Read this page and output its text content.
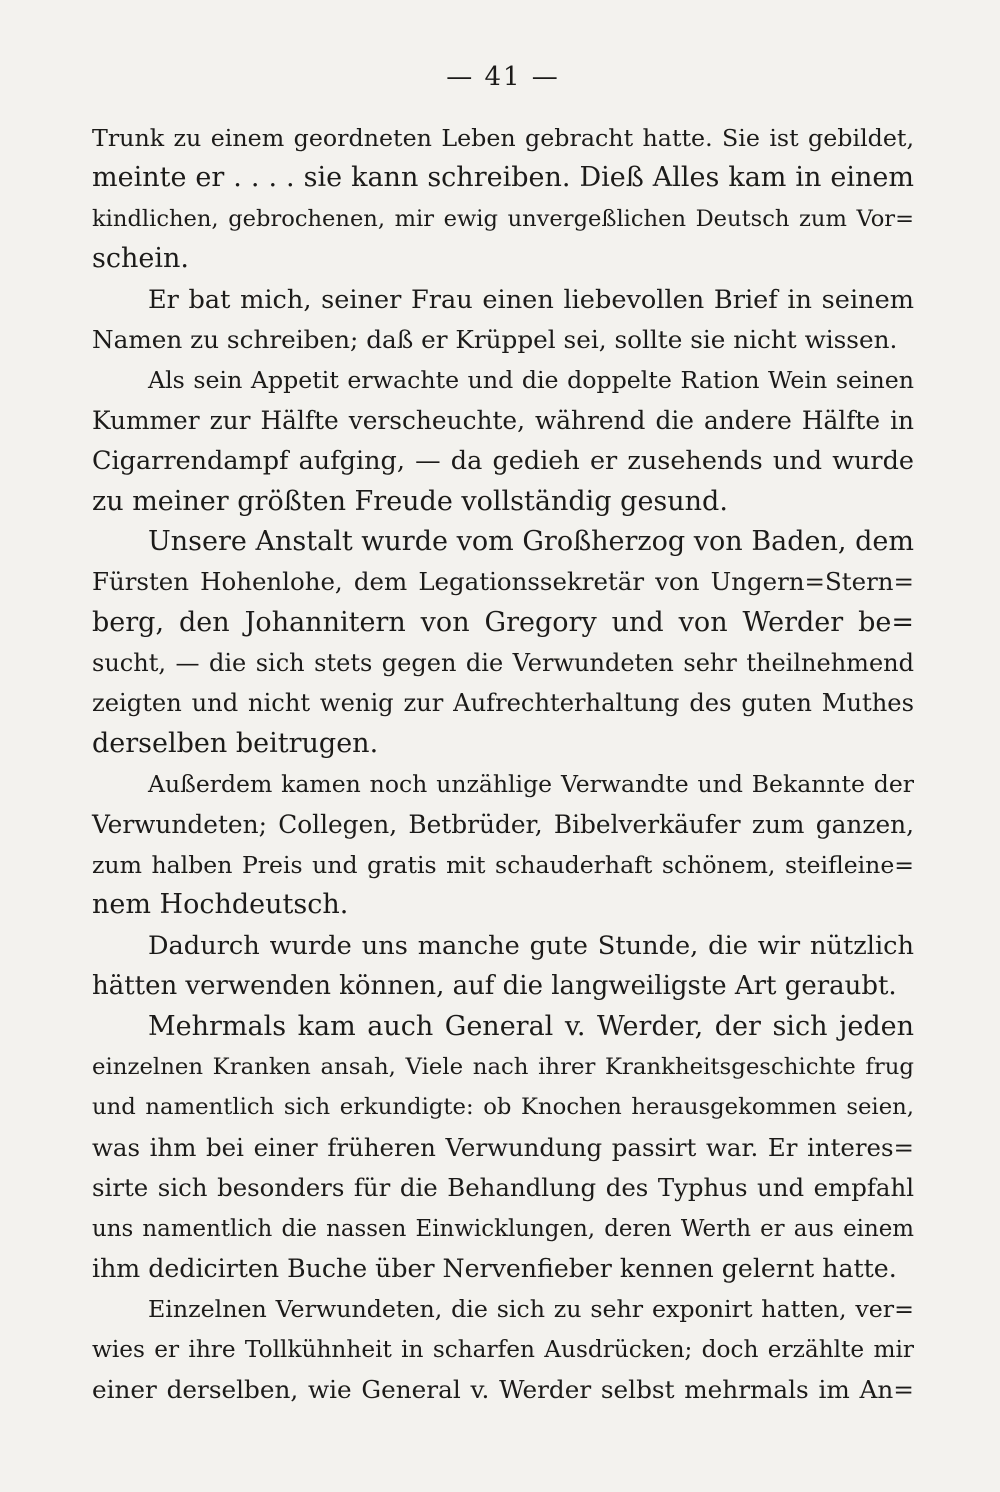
— 41 —
Trunk zu einem geordneten Leben gebracht hatte. Sie ist gebildet,
meinte er . . . . sie kann schreiben. Dieß Alles kam in einem
kindlichen, gebrochenen, mir ewig unvergeßlichen Deutsch zum Vor=
schein.
Er bat mich, seiner Frau einen liebevollen Brief in seinem
Namen zu schreiben; daß er Krüppel sei, sollte sie nicht wissen.
Als sein Appetit erwachte und die doppelte Ration Wein seinen
Kummer zur Hälfte verscheuchte, während die andere Hälfte in
Cigarrendampf aufging, — da gedieh er zusehends und wurde
zu meiner größten Freude vollständig gesund.
Unsere Anstalt wurde vom Großherzog von Baden, dem
Fürsten Hohenlohe, dem Legationssekretär von Ungern=Stern=
berg, den Johannitern von Gregory und von Werder be=
sucht, — die sich stets gegen die Verwundeten sehr theilnehmend
zeigten und nicht wenig zur Aufrechterhaltung des guten Muthes
derselben beitrugen.
Außerdem kamen noch unzählige Verwandte und Bekannte der
Verwundeten; Collegen, Betbrüder, Bibelverkäufer zum ganzen,
zum halben Preis und gratis mit schauderhaft schönem, steifleine=
nem Hochdeutsch.
Dadurch wurde uns manche gute Stunde, die wir nützlich
hätten verwenden können, auf die langweiligste Art geraubt.
Mehrmals kam auch General v. Werder, der sich jeden
einzelnen Kranken ansah, Viele nach ihrer Krankheitsgeschichte frug
und namentlich sich erkundigte: ob Knochen herausgekommen seien,
was ihm bei einer früheren Verwundung passirt war. Er interes=
sirte sich besonders für die Behandlung des Typhus und empfahl
uns namentlich die nassen Einwicklungen, deren Werth er aus einem
ihm dedicirten Buche über Nervenfieber kennen gelernt hatte.
Einzelnen Verwundeten, die sich zu sehr exponirt hatten, ver=
wies er ihre Tollkühnheit in scharfen Ausdrücken; doch erzählte mir
einer derselben, wie General v. Werder selbst mehrmals im An=
